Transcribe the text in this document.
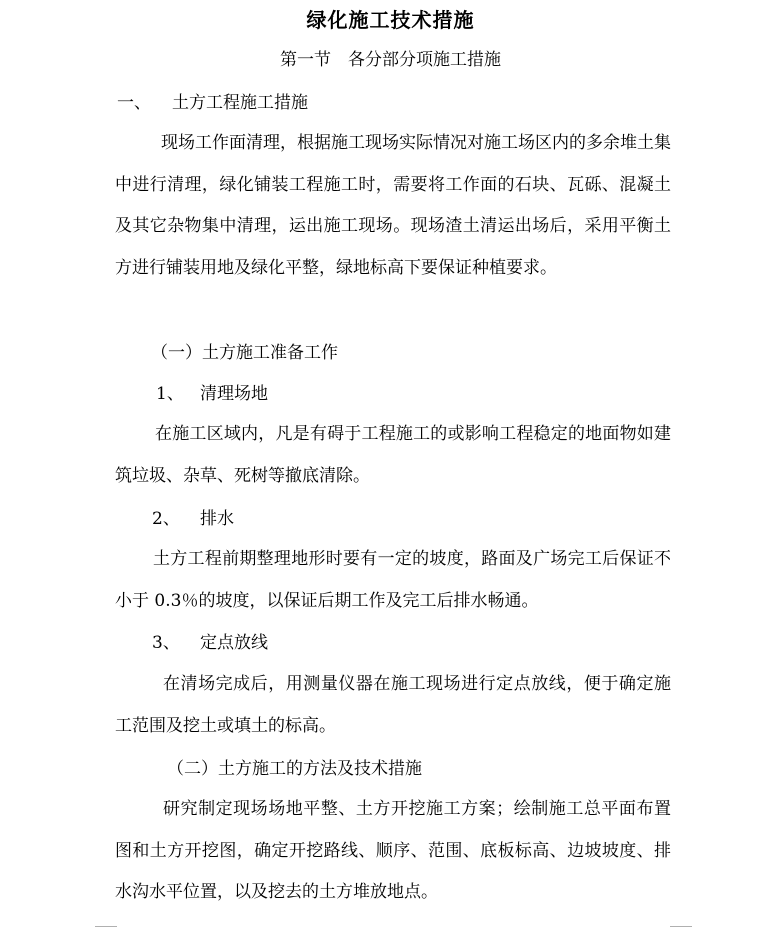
绿化施工技术措施
第一节　各分部分项施工措施
一、 土方工程施工措施

现场工作面清理，根据施工现场实际情况对施工场区内的多余堆土集中进行清理，绿化铺装工程施工时，需要将工作面的石块、瓦砾、混凝土及其它杂物集中清理，运出施工现场。现场渣土清运出场后，采用平衡土方进行铺装用地及绿化平整，绿地标高下要保证种植要求。

（一）土方施工准备工作
1、 清理场地

在施工区域内，凡是有碍于工程施工的或影响工程稳定的地面物如建筑垃圾、杂草、死树等撤底清除。

2、 排水

土方工程前期整理地形时要有一定的坡度，路面及广场完工后保证不小于 0.3％的坡度，以保证后期工作及完工后排水畅通。

3、 定点放线

在清场完成后，用测量仪器在施工现场进行定点放线，便于确定施工范围及挖土或填土的标高。

（二）土方施工的方法及技术措施

研究制定现场场地平整、土方开挖施工方案；绘制施工总平面布置图和土方开挖图，确定开挖路线、顺序、范围、底板标高、边坡坡度、排水沟水平位置，以及挖去的土方堆放地点。
